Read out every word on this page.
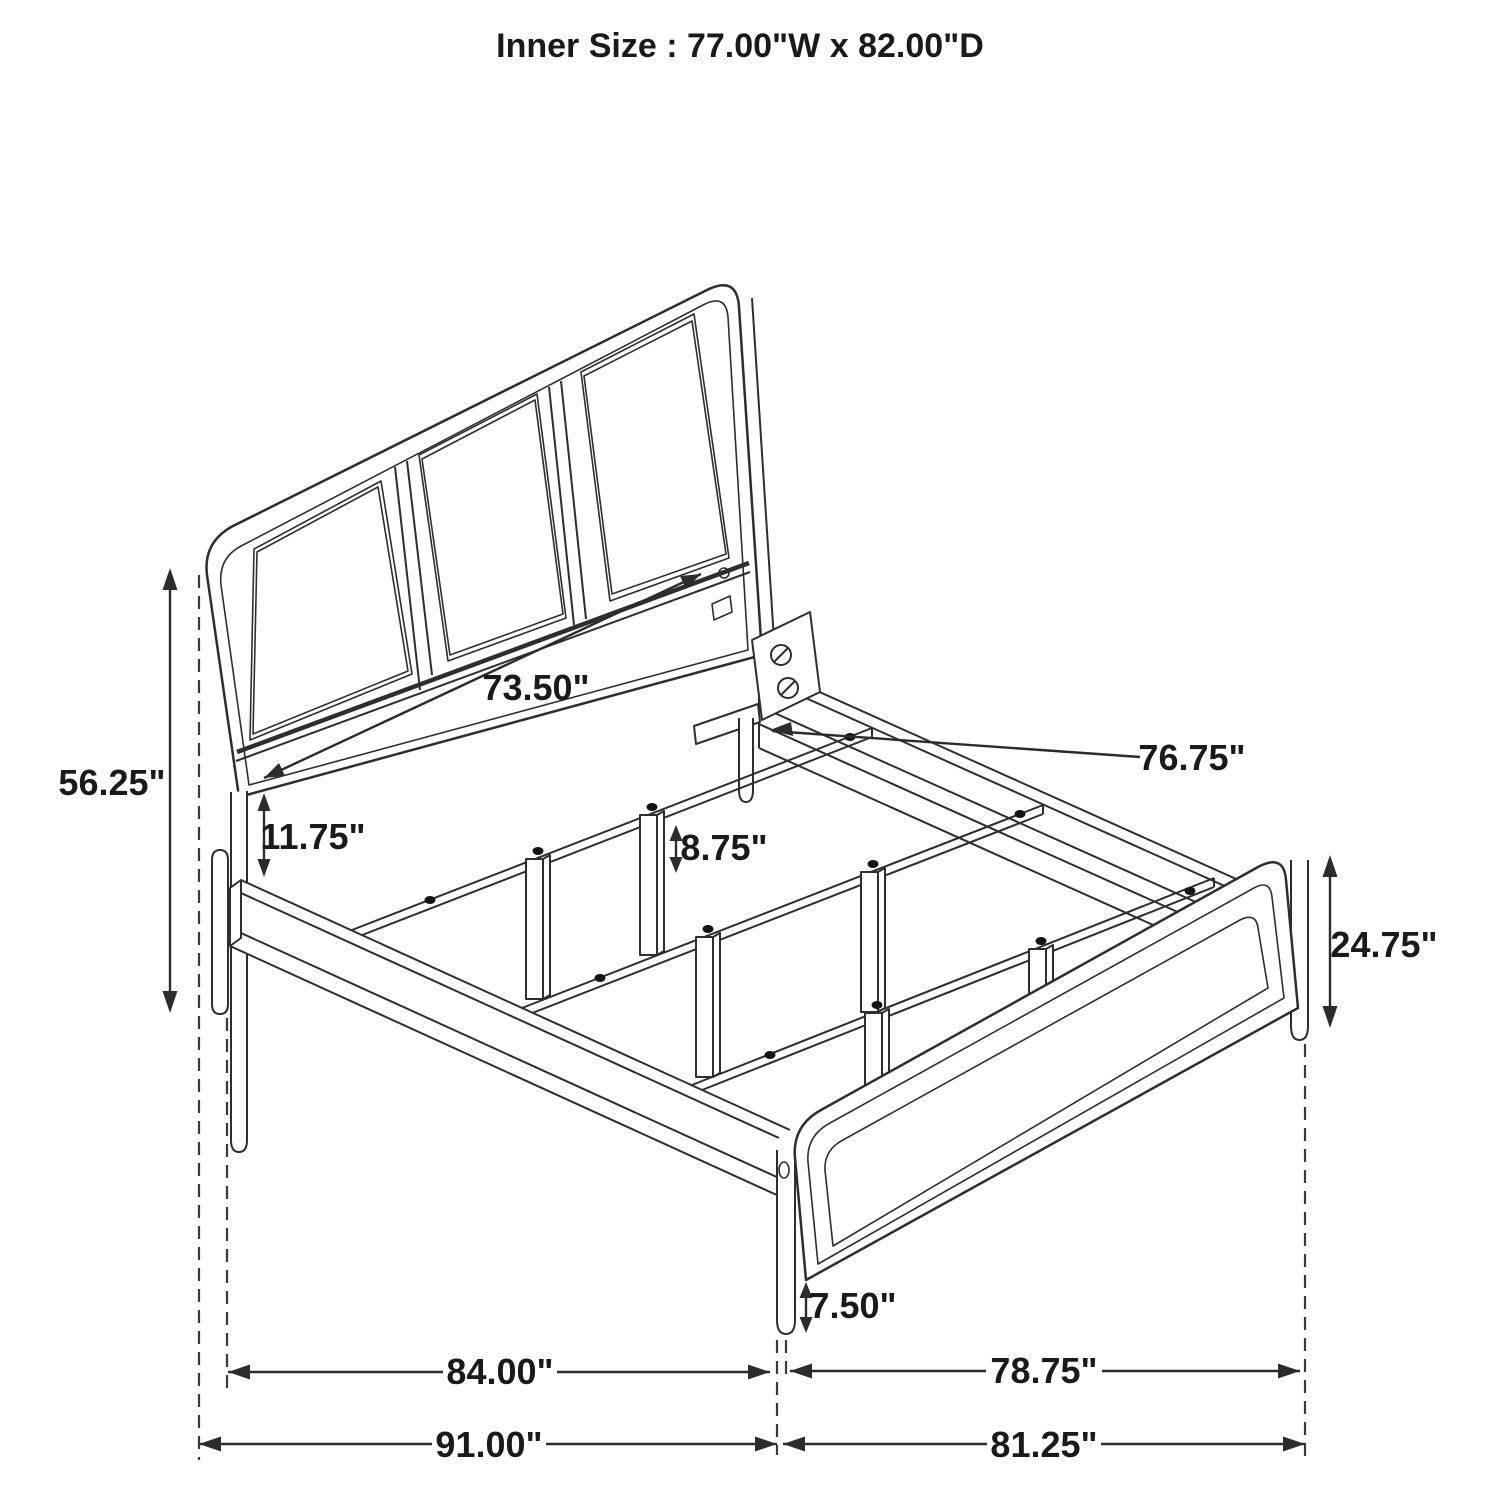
56.25"
73.50"
11.75"	8.75"
76.75"
24.75"
7.50"
84.00"	78.75"
91.00"	81.25"
Inner Size : 77.00"W x 82.00"D
